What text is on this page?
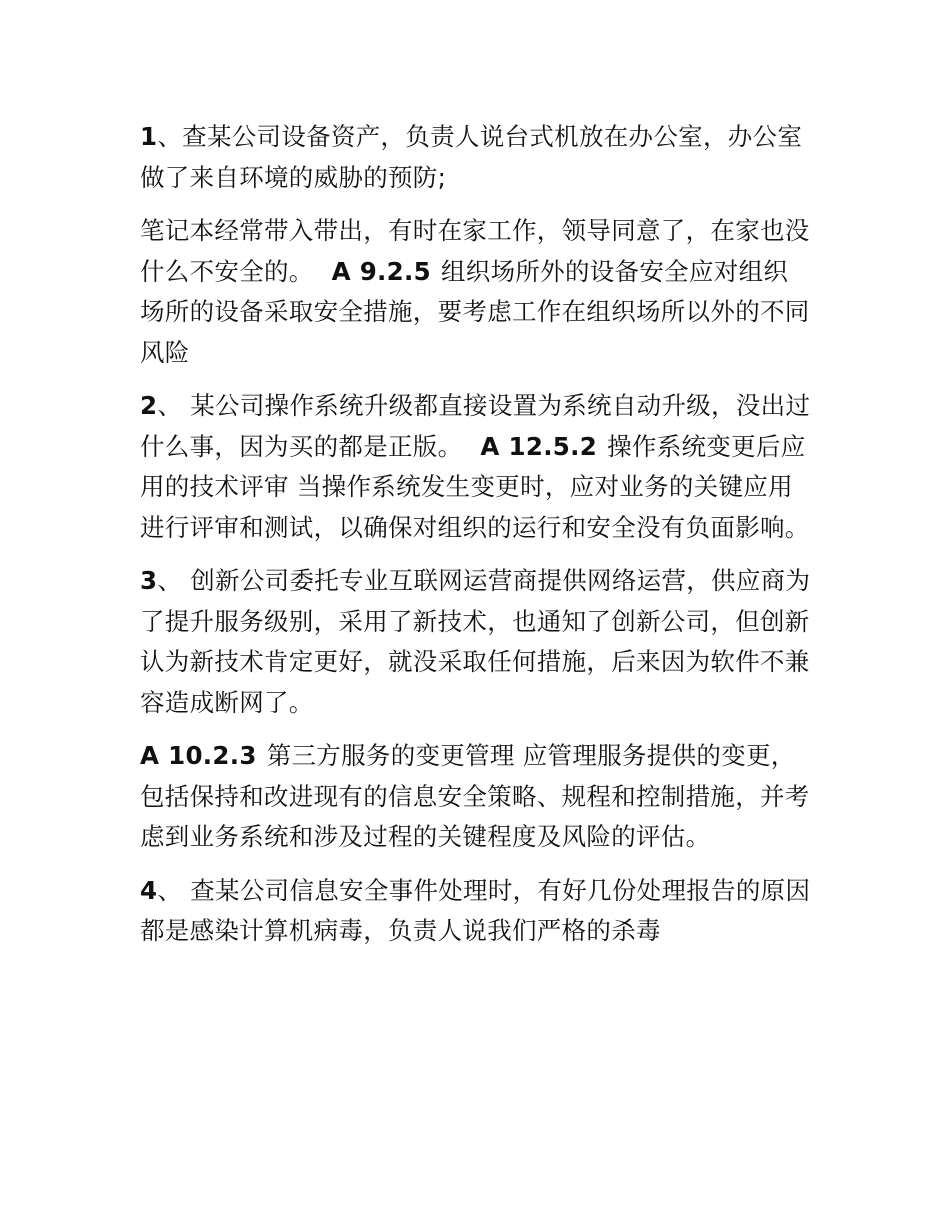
1、查某公司设备资产，负责人说台式机放在办公室，办公室做了来自环境的威胁的预防;

笔记本经常带入带出，有时在家工作，领导同意了，在家也没什么不安全的。 A 9.2.5 组织场所外的设备安全应对组织场所的设备采取安全措施，要考虑工作在组织场所以外的不同风险

2、 某公司操作系统升级都直接设置为系统自动升级，没出过什么事，因为买的都是正版。 A 12.5.2 操作系统变更后应用的技术评审 当操作系统发生变更时，应对业务的关键应用进行评审和测试，以确保对组织的运行和安全没有负面影响。

3、 创新公司委托专业互联网运营商提供网络运营，供应商为了提升服务级别，采用了新技术，也通知了创新公司，但创新认为新技术肯定更好，就没采取任何措施，后来因为软件不兼容造成断网了。

A 10.2.3 第三方服务的变更管理 应管理服务提供的变更，包括保持和改进现有的信息安全策略、规程和控制措施，并考虑到业务系统和涉及过程的关键程度及风险的评估。

4、 查某公司信息安全事件处理时，有好几份处理报告的原因都是感染计算机病毒，负责人说我们严格的杀毒
